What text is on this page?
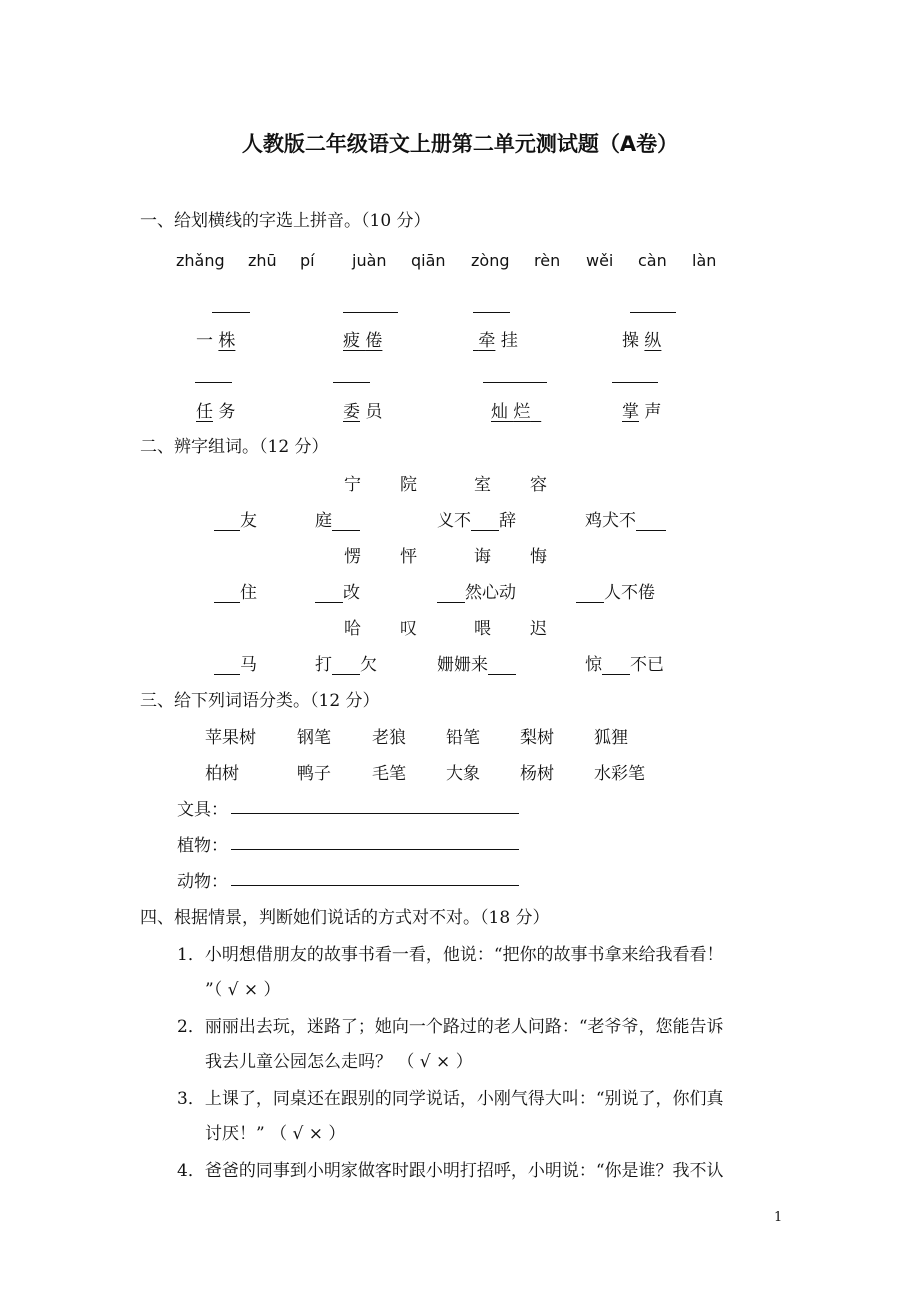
人教版二年级语文上册第二单元测试题（A卷）
一、给划横线的字选上拼音。（10 分）
zhǎng zhū pí juàn qiān zòng rèn wěi càn làn
一 株	疲 倦	牵 挂	操 纵
任 务	委 员	灿 烂	掌 声
二、辨字组词。（12 分）
宁 院	室 容
友	庭	义不 辞	鸡犬不
愣 怦	诲 悔
住	改	然心动	人不倦
哈 叹	喂 迟
马	打 欠	姗姗来	惊 不已
三、给下列词语分类。（12 分）
苹果树 钢笔 老狼 铅笔 梨树 狐狸
柏树	鸭子 毛笔 大象 杨树 水彩笔
文具：
植物：
动物：
四、根据情景，判断她们说话的方式对不对。（18 分）
1．小明想借朋友的故事书看一看，他说：“把你的故事书拿来给我看看！
”（ √ × ）
2．丽丽出去玩，迷路了；她向一个路过的老人问路：“老爷爷，您能告诉
我去儿童公园怎么走吗？ （ √ × ）
3．上课了，同桌还在跟别的同学说话，小刚气得大叫：“别说了，你们真
讨厌！” （ √ × ）
4．爸爸的同事到小明家做客时跟小明打招呼，小明说：“你是谁？我不认
1
